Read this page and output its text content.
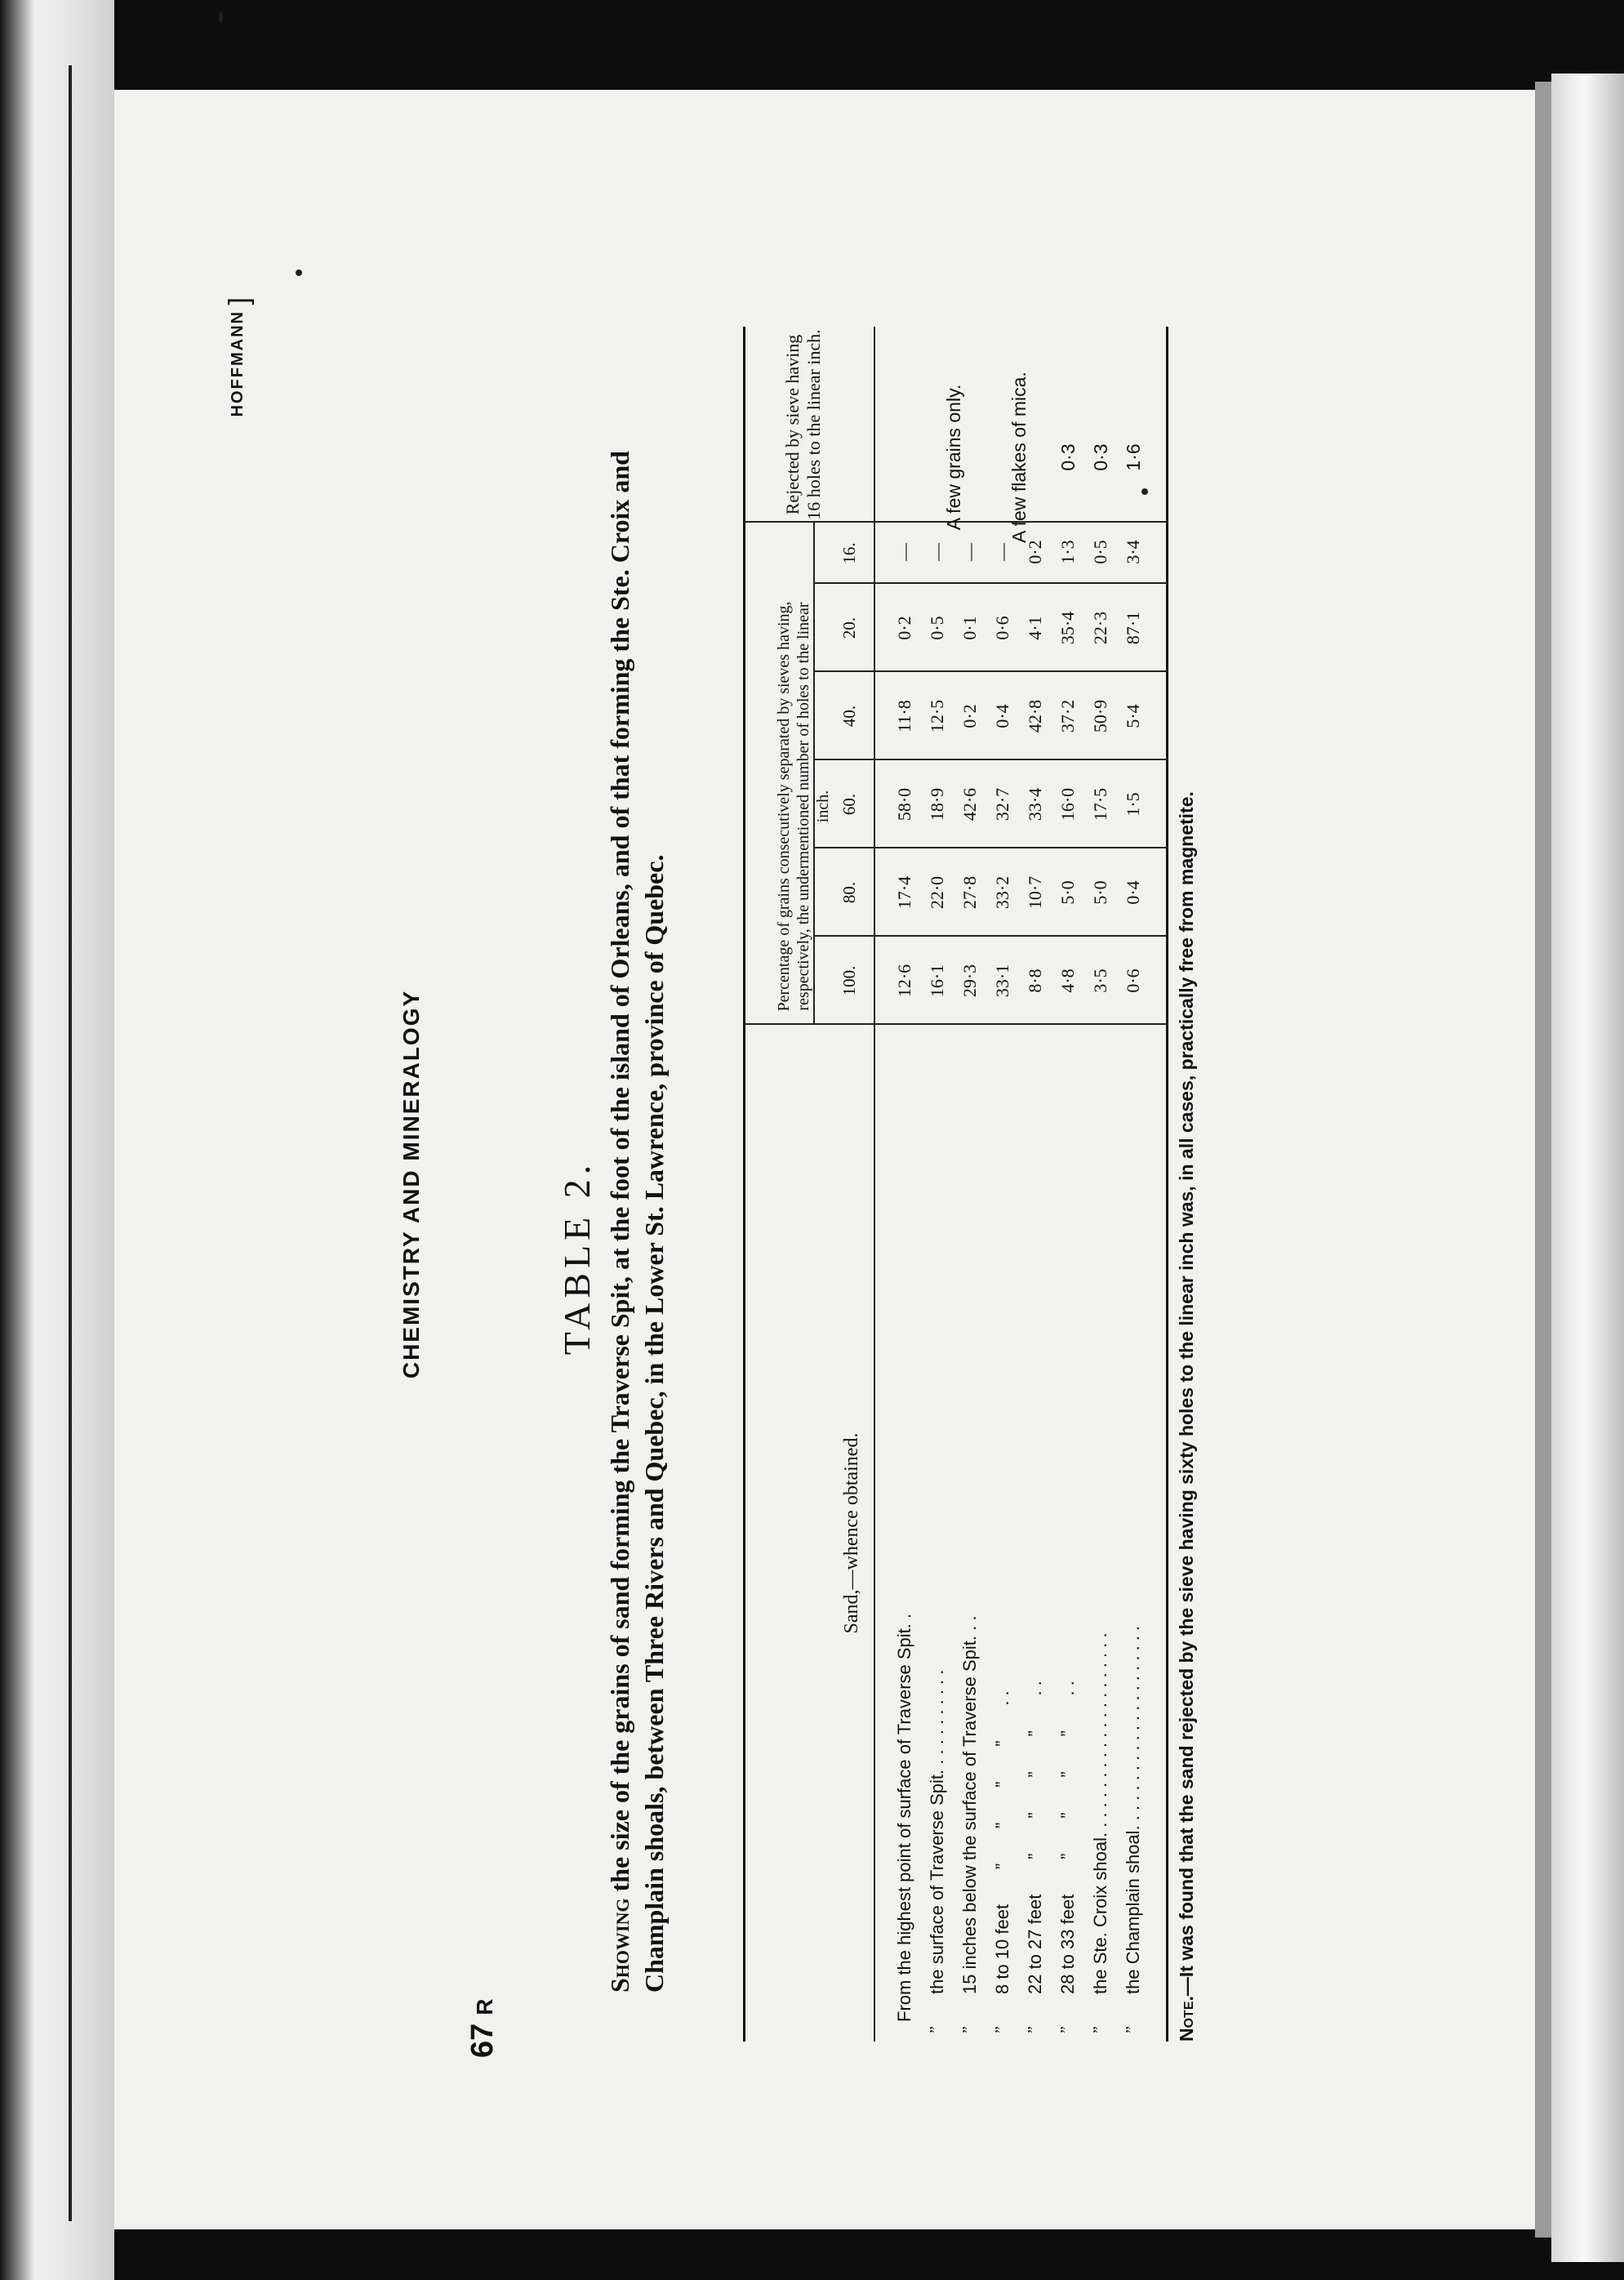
HOFFMANN
]
CHEMISTRY AND MINERALOGY
67R
TABLE 2.
Showing the size of the grains of sand forming the Traverse Spit, at the foot of the island of Orleans, and of that forming the Ste. Croix and Champlain shoals, between Three Rivers and Quebec, in the Lower St. Lawrence, province of Quebec.	Sand,—whence obtained.
Percentage of grains consecutively separated by sieves having, respectively, the undermentioned number of holes to the linear inch.
Rejected by sieve having 16 holes to the linear inch.
100.
80.
60.
40.
20.
16.
From the highest point of surface of Traverse Spit. .
12·6
17·4
58·0
11·8
0·2
—
”
the surface of Traverse Spit. . . . . . . . . . .
16·1
22·0
18·9
12·5
0·5
—
”
15 inches below the surface of Traverse Spit. . .
29·3
27·8
42·6
0·2
0·1
—
”
8 to 10 feet       ”       ”       ”       ”       . .
33·1
33·2
32·7
0·4
0·6
—
”
22 to 27 feet       ”       ”       ”       ”       . .
8·8
10·7
33·4
42·8
4·1
0·2
”
28 to 33 feet       ”       ”       ”       ”       . .
4·8
5·0
16·0
37·2
35·4
1·3
”
the Ste. Croix shoal. . . . . . . . . . . . . . . . . . . . .
3·5
5·0
17·5
50·9
22·3
0·5
”
the Champlain shoal. . . . . . . . . . . . . . . . . . . . .
0·6
0·4
1·5
5·4
87·1
3·4
A few grains only. A few flakes of mica. 0·3 0·3 1·6
Note.—It was found that the sand rejected by the sieve having sixty holes to the linear inch was, in all cases, practically free from magnetite.
